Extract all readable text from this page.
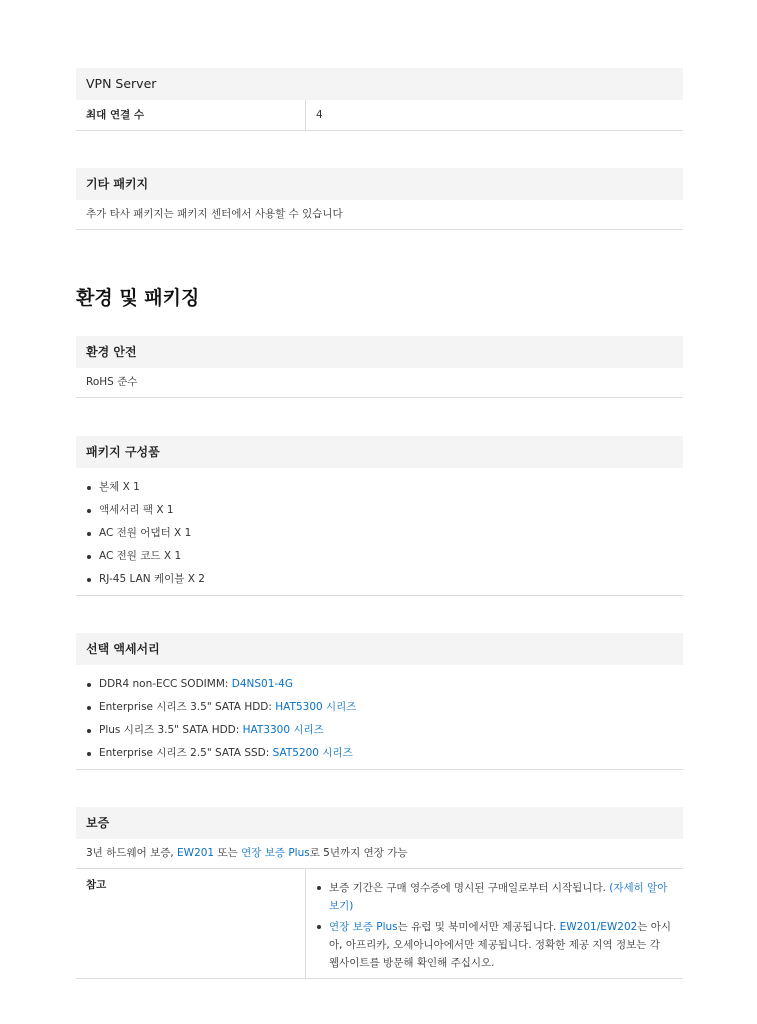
VPN Server
최대 연결 수	4
기타 패키지
추가 타사 패키지는 패키지 센터에서 사용할 수 있습니다
환경 및 패키징
환경 안전
RoHS 준수
패키지 구성품
본체 X 1
액세서리 팩 X 1
AC 전원 어댑터 X 1
AC 전원 코드 X 1
RJ-45 LAN 케이블 X 2
선택 액세서리
DDR4 non-ECC SODIMM: D4NS01-4G
Enterprise 시리즈 3.5" SATA HDD: HAT5300 시리즈
Plus 시리즈 3.5" SATA HDD: HAT3300 시리즈
Enterprise 시리즈 2.5" SATA SSD: SAT5200 시리즈
보증
3년 하드웨어 보증, EW201 또는 연장 보증 Plus로 5년까지 연장 가능
참고	보증 기간은 구매 영수증에 명시된 구매일로부터 시작됩니다. (자세히 알아보기)
연장 보증 Plus는 유럽 및 북미에서만 제공됩니다. EW201/EW202는 아시아, 아프리카, 오세아니아에서만 제공됩니다. 정확한 제공 지역 정보는 각 웹사이트를 방문해 확인해 주십시오.
